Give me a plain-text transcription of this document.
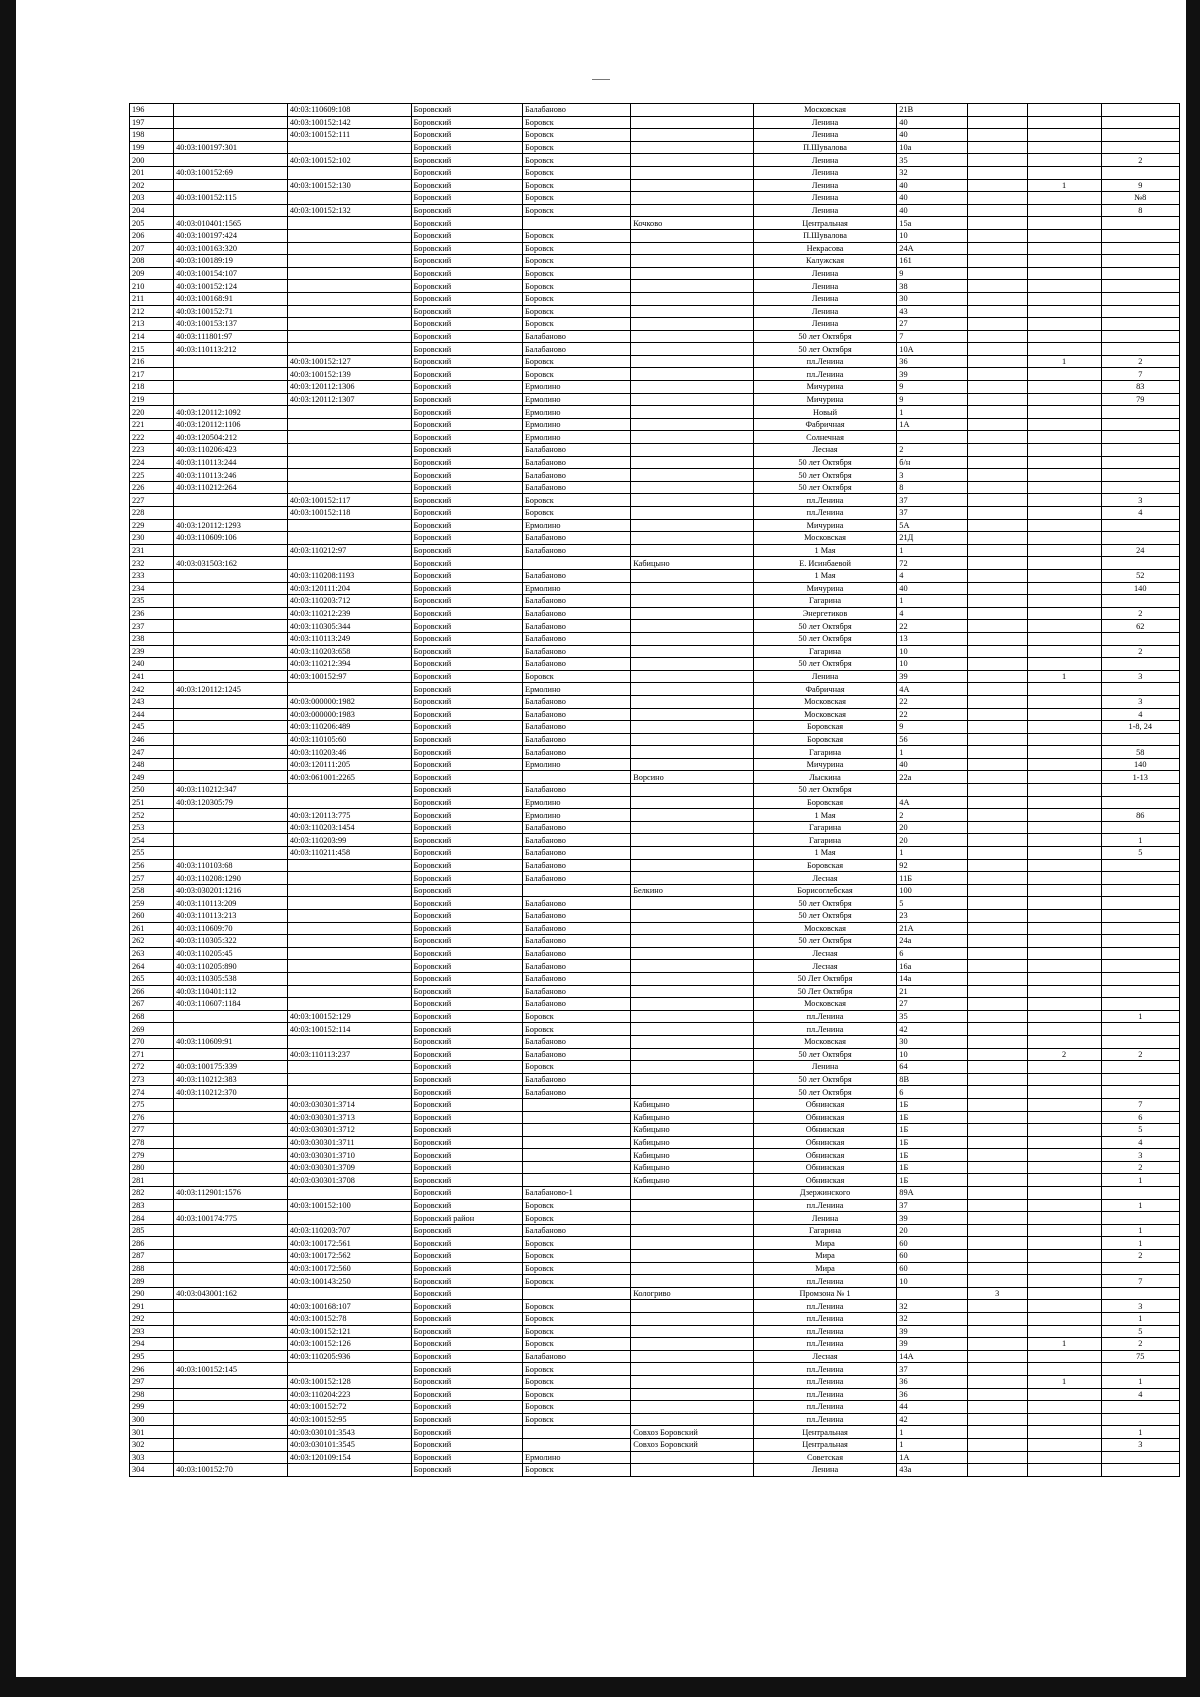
196		40:03:110609:108	Боровский	Балабаново		Московская	21В			
197		40:03:100152:142	Боровский	Боровск		Ленина	40			
198		40:03:100152:111	Боровский	Боровск		Ленина	40			
199	40:03:100197:301		Боровский	Боровск		П.Шувалова	10а			
200		40:03:100152:102	Боровский	Боровск		Ленина	35			2
201	40:03:100152:69		Боровский	Боровск		Ленина	32			
202		40:03:100152:130	Боровский	Боровск		Ленина	40		1	9
203	40:03:100152:115		Боровский	Боровск		Ленина	40			№8
204		40:03:100152:132	Боровский	Боровск		Ленина	40			8
205	40:03:010401:1565		Боровский		Кочково	Центральная	15а			
206	40:03:100197:424		Боровский	Боровск		П.Шувалова	10			
207	40:03:100163:320		Боровский	Боровск		Некрасова	24А			
208	40:03:100189:19		Боровский	Боровск		Калужская	161			
209	40:03:100154:107		Боровский	Боровск		Ленина	9			
210	40:03:100152:124		Боровский	Боровск		Ленина	38			
211	40:03:100168:91		Боровский	Боровск		Ленина	30			
212	40:03:100152:71		Боровский	Боровск		Ленина	43			
213	40:03:100153:137		Боровский	Боровск		Ленина	27			
214	40:03:111801:97		Боровский	Балабаново		50 лет Октября	7			
215	40:03:110113:212		Боровский	Балабаново		50 лет Октября	10А			
216		40:03:100152:127	Боровский	Боровск		пл.Ленина	36		1	2
217		40:03:100152:139	Боровский	Боровск		пл.Ленина	39			7
218		40:03:120112:1306	Боровский	Ермолино		Мичурина	9			83
219		40:03:120112:1307	Боровский	Ермолино		Мичурина	9			79
220	40:03:120112:1092		Боровский	Ермолино		Новый	1			
221	40:03:120112:1106		Боровский	Ермолино		Фабричная	1А			
222	40:03:120504:212		Боровский	Ермолино		Солнечная				
223	40:03:110206:423		Боровский	Балабаново		Лесная	2			
224	40:03:110113:244		Боровский	Балабаново		50 лет Октября	б/н			
225	40:03:110113:246		Боровский	Балабаново		50 лет Октября	3			
226	40:03:110212:264		Боровский	Балабаново		50 лет Октября	8			
227		40:03:100152:117	Боровский	Боровск		пл.Ленина	37			3
228		40:03:100152:118	Боровский	Боровск		пл.Ленина	37			4
229	40:03:120112:1293		Боровский	Ермолино		Мичурина	5А			
230	40:03:110609:106		Боровский	Балабаново		Московская	21Д			
231		40:03:110212:97	Боровский	Балабаново		1 Мая	1			24
232	40:03:031503:162		Боровский		Кабицыно	Е. Исинбаевой	72			
233		40:03:110208:1193	Боровский	Балабаново		1 Мая	4			52
234		40:03:120111:204	Боровский	Ермолино		Мичурина	40			140
235		40:03:110203:712	Боровский	Балабаново		Гагарина	1			
236		40:03:110212:239	Боровский	Балабаново		Энергетиков	4			2
237		40:03:110305:344	Боровский	Балабаново		50 лет Октября	22			62
238		40:03:110113:249	Боровский	Балабаново		50 лет Октября	13			
239		40:03:110203:658	Боровский	Балабаново		Гагарина	10			2
240		40:03:110212:394	Боровский	Балабаново		50 лет Октября	10			
241		40:03:100152:97	Боровский	Боровск		Ленина	39		1	3
242	40:03:120112:1245		Боровский	Ермолино		Фабричная	4А			
243		40:03:000000:1982	Боровский	Балабаново		Московская	22			3
244		40:03:000000:1983	Боровский	Балабаново		Московская	22			4
245		40:03:110206:489	Боровский	Балабаново		Боровская	9			1-8, 24
246		40:03:110105:60	Боровский	Балабаново		Боровская	56			
247		40:03:110203:46	Боровский	Балабаново		Гагарина	1			58
248		40:03:120111:205	Боровский	Ермолино		Мичурина	40			140
249		40:03:061001:2265	Боровский		Ворсино	Лыскина	22а			1-13
250	40:03:110212:347		Боровский	Балабаново		50 лет Октября				
251	40:03:120305:79		Боровский	Ермолино		Боровская	4А			
252		40:03:120113:775	Боровский	Ермолино		1 Мая	2			86
253		40:03:110203:1454	Боровский	Балабаново		Гагарина	20			
254		40:03:110203:99	Боровский	Балабаново		Гагарина	20			1
255		40:03:110211:458	Боровский	Балабаново		1 Мая	1			5
256	40:03:110103:68		Боровский	Балабаново		Боровская	92			
257	40:03:110208:1290		Боровский	Балабаново		Лесная	11Б			
258	40:03:030201:1216		Боровский		Белкино	Борисоглебская	100			
259	40:03:110113:209		Боровский	Балабаново		50 лет Октября	5			
260	40:03:110113:213		Боровский	Балабаново		50 лет Октября	23			
261	40:03:110609:70		Боровский	Балабаново		Московская	21А			
262	40:03:110305:322		Боровский	Балабаново		50 лет Октября	24а			
263	40:03:110205:45		Боровский	Балабаново		Лесная	6			
264	40:03:110205:890		Боровский	Балабаново		Лесная	16а			
265	40:03:110305:538		Боровский	Балабаново		50 Лет Октября	14а			
266	40:03:110401:112		Боровский	Балабаново		50 Лет Октября	21			
267	40:03:110607:1184		Боровский	Балабаново		Московская	27			
268		40:03:100152:129	Боровский	Боровск		пл.Ленина	35			1
269		40:03:100152:114	Боровский	Боровск		пл.Ленина	42			
270	40:03:110609:91		Боровский	Балабаново		Московская	30			
271		40:03:110113:237	Боровский	Балабаново		50 лет Октября	10		2	2
272	40:03:100175:339		Боровский	Боровск		Ленина	64			
273	40:03:110212:383		Боровский	Балабаново		50 лет Октября	8В			
274	40:03:110212:370		Боровский	Балабаново		50 лет Октября	6			
275		40:03:030301:3714	Боровский		Кабицыно	Обнинская	1Б			7
276		40:03:030301:3713	Боровский		Кабицыно	Обнинская	1Б			6
277		40:03:030301:3712	Боровский		Кабицыно	Обнинская	1Б			5
278		40:03:030301:3711	Боровский		Кабицыно	Обнинская	1Б			4
279		40:03:030301:3710	Боровский		Кабицыно	Обнинская	1Б			3
280		40:03:030301:3709	Боровский		Кабицыно	Обнинская	1Б			2
281		40:03:030301:3708	Боровский		Кабицыно	Обнинская	1Б			1
282	40:03:112901:1576		Боровский	Балабаново-1		Дзержинского	89А			
283		40:03:100152:100	Боровский	Боровск		пл.Ленина	37			1
284	40:03:100174:775		Боровский район	Боровск		Ленина	39			
285		40:03:110203:707	Боровский	Балабаново		Гагарина	20			1
286		40:03:100172:561	Боровский	Боровск		Мира	60			1
287		40:03:100172:562	Боровский	Боровск		Мира	60			2
288		40:03:100172:560	Боровский	Боровск		Мира	60			
289		40:03:100143:250	Боровский	Боровск		пл.Ленина	10			7
290	40:03:043001:162		Боровский		Кологриво	Промзона № 1		3		
291		40:03:100168:107	Боровский	Боровск		пл.Ленина	32			3
292		40:03:100152:78	Боровский	Боровск		пл.Ленина	32			1
293		40:03:100152:121	Боровский	Боровск		пл.Ленина	39			5
294		40:03:100152:126	Боровский	Боровск		пл.Ленина	39		1	2
295		40:03:110205:936	Боровский	Балабаново		Лесная	14А			75
296	40:03:100152:145		Боровский	Боровск		пл.Ленина	37			
297		40:03:100152:128	Боровский	Боровск		пл.Ленина	36		1	1
298		40:03:110204:223	Боровский	Боровск		пл.Ленина	36			4
299		40:03:100152:72	Боровский	Боровск		пл.Ленина	44			
300		40:03:100152:95	Боровский	Боровск		пл.Ленина	42			
301		40:03:030101:3543	Боровский		Совхоз Боровский	Центральная	1			1
302		40:03:030101:3545	Боровский		Совхоз Боровский	Центральная	1			3
303		40:03:120109:154	Боровский	Ермолино		Советская	1А			
304	40:03:100152:70		Боровский	Боровск		Ленина	43а			
